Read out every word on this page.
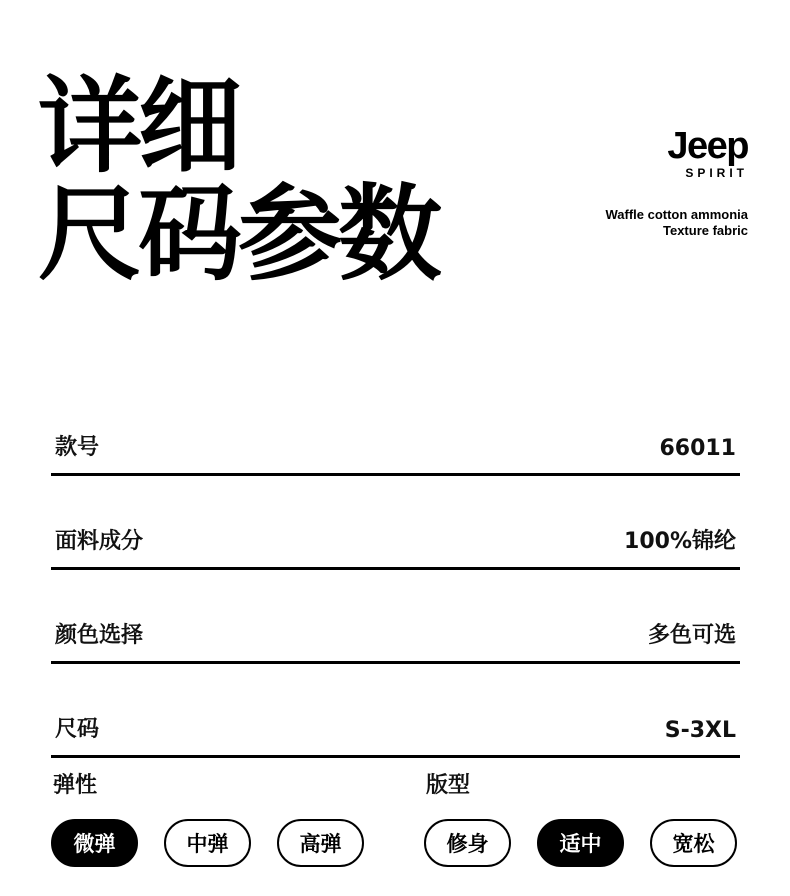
详细
尺码参数
Jeep
SPIRIT
Waffle cotton ammonia
Texture fabric
款号	66011
面料成分	100%锦纶
颜色选择	多色可选
尺码	S-3XL
弹性
微弹	中弹	高弹
版型
修身	适中	宽松
